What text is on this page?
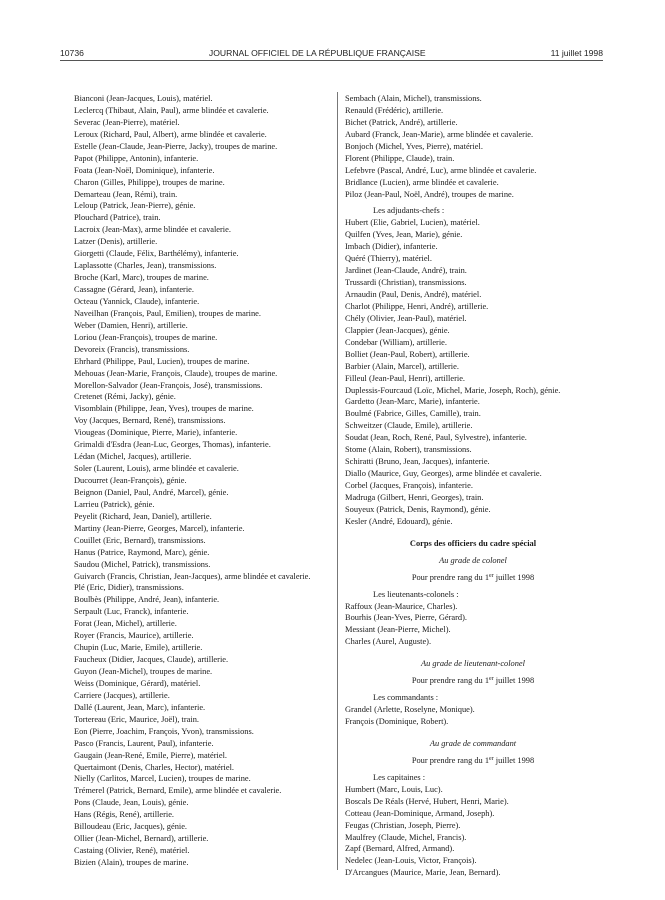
10736	JOURNAL OFFICIEL DE LA RÉPUBLIQUE FRANÇAISE	11 juillet 1998
Bianconi (Jean-Jacques, Louis), matériel.
Leclercq (Thibaut, Alain, Paul), arme blindée et cavalerie.
Severac (Jean-Pierre), matériel.
Leroux (Richard, Paul, Albert), arme blindée et cavalerie.
Estelle (Jean-Claude, Jean-Pierre, Jacky), troupes de marine.
Papot (Philippe, Antonin), infanterie.
Foata (Jean-Noël, Dominique), infanterie.
Charon (Gilles, Philippe), troupes de marine.
Demarteau (Jean, Rémi), train.
Leloup (Patrick, Jean-Pierre), génie.
Plouchard (Patrice), train.
Lacroix (Jean-Max), arme blindée et cavalerie.
Latzer (Denis), artillerie.
Giorgetti (Claude, Félix, Barthélémy), infanterie.
Laplassotte (Charles, Jean), transmissions.
Broche (Karl, Marc), troupes de marine.
Cassagne (Gérard, Jean), infanterie.
Octeau (Yannick, Claude), infanterie.
Naveilhan (François, Paul, Emilien), troupes de marine.
Weber (Damien, Henri), artillerie.
Loriou (Jean-François), troupes de marine.
Devoreix (Francis), transmissions.
Ehrhard (Philippe, Paul, Lucien), troupes de marine.
Mehouas (Jean-Marie, François, Claude), troupes de marine.
Morellon-Salvador (Jean-François, José), transmissions.
Cretenet (Rémi, Jacky), génie.
Visomblain (Philippe, Jean, Yves), troupes de marine.
Voy (Jacques, Bernard, René), transmissions.
Viougeas (Dominique, Pierre, Marie), infanterie.
Grimaldi d'Esdra (Jean-Luc, Georges, Thomas), infanterie.
Lédan (Michel, Jacques), artillerie.
Soler (Laurent, Louis), arme blindée et cavalerie.
Ducourret (Jean-François), génie.
Beignon (Daniel, Paul, André, Marcel), génie.
Larrieu (Patrick), génie.
Peyelit (Richard, Jean, Daniel), artillerie.
Martiny (Jean-Pierre, Georges, Marcel), infanterie.
Couillet (Eric, Bernard), transmissions.
Hanus (Patrice, Raymond, Marc), génie.
Saudou (Michel, Patrick), transmissions.
Guivarch (Francis, Christian, Jean-Jacques), arme blindée et cavalerie.
Plé (Eric, Didier), transmissions.
Boulbès (Philippe, André, Jean), infanterie.
Serpault (Luc, Franck), infanterie.
Forat (Jean, Michel), artillerie.
Royer (Francis, Maurice), artillerie.
Chupin (Luc, Marie, Emile), artillerie.
Faucheux (Didier, Jacques, Claude), artillerie.
Guyon (Jean-Michel), troupes de marine.
Weiss (Dominique, Gérard), matériel.
Carriere (Jacques), artillerie.
Dallé (Laurent, Jean, Marc), infanterie.
Torterеau (Eric, Maurice, Joël), train.
Eon (Pierre, Joachim, François, Yvon), transmissions.
Pasco (Francis, Laurent, Paul), infanterie.
Gaugain (Jean-René, Emile, Pierre), matériel.
Quertaimont (Denis, Charles, Hector), matériel.
Nielly (Carlitos, Marcel, Lucien), troupes de marine.
Trémerel (Patrick, Bernard, Emile), arme blindée et cavalerie.
Pons (Claude, Jean, Louis), génie.
Hans (Régis, René), artillerie.
Billoudeau (Eric, Jacques), génie.
Ollier (Jean-Michel, Bernard), artillerie.
Castaing (Olivier, René), matériel.
Bizien (Alain), troupes de marine.
Sembach (Alain, Michel), transmissions.
Renauld (Frédéric), artillerie.
Bichet (Patrick, André), artillerie.
Aubard (Franck, Jean-Marie), arme blindée et cavalerie.
Bonjoch (Michel, Yves, Pierre), matériel.
Florent (Philippe, Claude), train.
Lefebvre (Pascal, André, Luc), arme blindée et cavalerie.
Bridlance (Lucien), arme blindée et cavalerie.
Piloz (Jean-Paul, Noël, André), troupes de marine.
Les adjudants-chefs :
Hubert (Elie, Gabriel, Lucien), matériel.
Quilfen (Yves, Jean, Marie), génie.
Imbach (Didier), infanterie.
Quéré (Thierry), matériel.
Jardinet (Jean-Claude, André), train.
Trussardi (Christian), transmissions.
Arnaudin (Paul, Denis, André), matériel.
Charlot (Philippe, Henri, André), artillerie.
Chély (Olivier, Jean-Paul), matériel.
Clappier (Jean-Jacques), génie.
Condebar (William), artillerie.
Bolliet (Jean-Paul, Robert), artillerie.
Barbier (Alain, Marcel), artillerie.
Filleul (Jean-Paul, Henri), artillerie.
Duplessis-Fourcaud (Loïc, Michel, Marie, Joseph, Roch), génie.
Gardetto (Jean-Marc, Marie), infanterie.
Boulmé (Fabrice, Gilles, Camille), train.
Schweitzer (Claude, Emile), artillerie.
Soudat (Jean, Roch, René, Paul, Sylvestre), infanterie.
Stome (Alain, Robert), transmissions.
Schiratti (Bruno, Jean, Jacques), infanterie.
Diallo (Maurice, Guy, Georges), arme blindée et cavalerie.
Corbel (Jacques, François), infanterie.
Madruga (Gilbert, Henri, Georges), train.
Souyeux (Patrick, Denis, Raymond), génie.
Kesler (André, Edouard), génie.
Corps des officiers du cadre spécial
Au grade de colonel
Pour prendre rang du 1er juillet 1998
Les lieutenants-colonels :
Raffoux (Jean-Maurice, Charles).
Bourhis (Jean-Yves, Pierre, Gérard).
Messiant (Jean-Pierre, Michel).
Charles (Aurel, Auguste).
Au grade de lieutenant-colonel
Pour prendre rang du 1er juillet 1998
Les commandants :
Grandel (Arlette, Roselyne, Monique).
François (Dominique, Robert).
Au grade de commandant
Pour prendre rang du 1er juillet 1998
Les capitaines :
Humbert (Marc, Louis, Luc).
Boscals De Réals (Hervé, Hubert, Henri, Marie).
Cotteau (Jean-Dominique, Armand, Joseph).
Feugas (Christian, Joseph, Pierre).
Maulfrey (Claude, Michel, Francis).
Zapf (Bernard, Alfred, Armand).
Nedelec (Jean-Louis, Victor, François).
D'Arcangues (Maurice, Marie, Jean, Bernard).
